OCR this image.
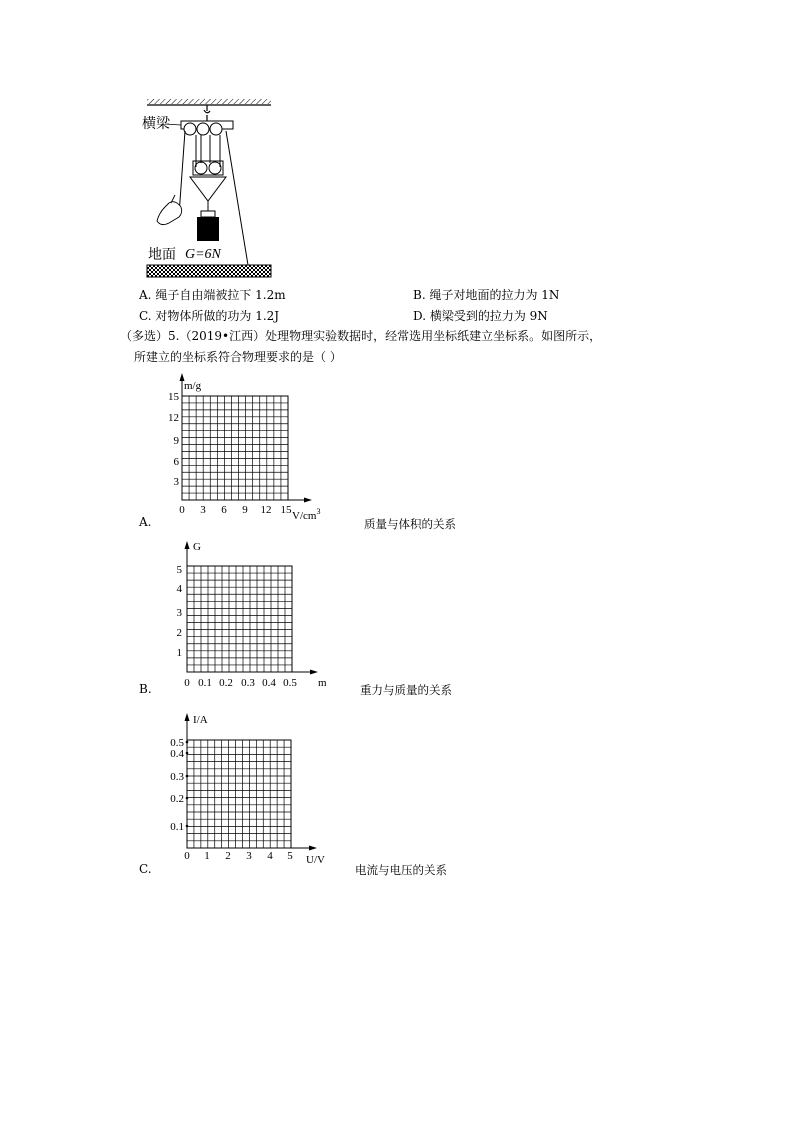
横梁
地面 G=6N
A. 绳子自由端被拉下 1.2m	B. 绳子对地面的拉力为 1N
C. 对物体所做的功为 1.2J	D. 横梁受到的拉力为 9N
（多选）5.（2019•江西）处理物理实验数据时，经常选用坐标纸建立坐标系。如图所示，
所建立的坐标系符合物理要求的是（ ）
m/g
3
6
9
12
15
0 3 6 9 12 15 $V/cm^3$
A.	质量与体积的关系
G
1
2
3
4
5
0 0.1 0.2 0.3 0.4 0.5 m
B.	重力与质量的关系
I/A
0.1
0.2
0.3
0.4
0.5
0 1 2 3 4 5 U/V
C.	电流与电压的关系
